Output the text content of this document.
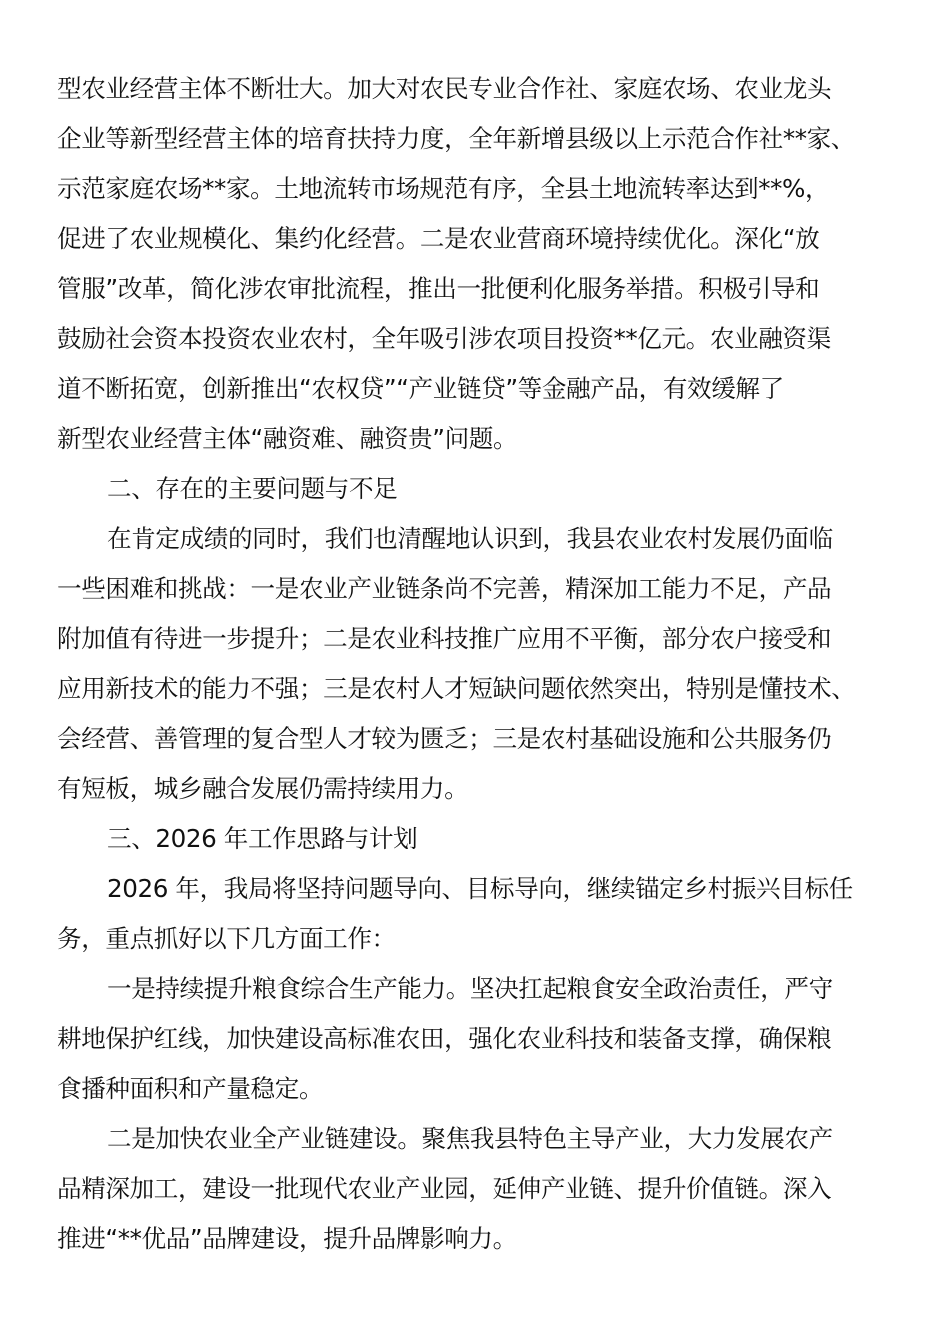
型农业经营主体不断壮大。加大对农民专业合作社、家庭农场、农业龙头
企业等新型经营主体的培育扶持力度，全年新增县级以上示范合作社**家、
示范家庭农场**家。土地流转市场规范有序，全县土地流转率达到**%，
促进了农业规模化、集约化经营。二是农业营商环境持续优化。深化“放
管服”改革，简化涉农审批流程，推出一批便利化服务举措。积极引导和
鼓励社会资本投资农业农村，全年吸引涉农项目投资**亿元。农业融资渠
道不断拓宽，创新推出“农权贷”“产业链贷”等金融产品，有效缓解了
新型农业经营主体“融资难、融资贵”问题。
二、存在的主要问题与不足
在肯定成绩的同时，我们也清醒地认识到，我县农业农村发展仍面临
一些困难和挑战：一是农业产业链条尚不完善，精深加工能力不足，产品
附加值有待进一步提升；二是农业科技推广应用不平衡，部分农户接受和
应用新技术的能力不强；三是农村人才短缺问题依然突出，特别是懂技术、
会经营、善管理的复合型人才较为匮乏；三是农村基础设施和公共服务仍
有短板，城乡融合发展仍需持续用力。
三、2026 年工作思路与计划
2026 年，我局将坚持问题导向、目标导向，继续锚定乡村振兴目标任
务，重点抓好以下几方面工作：
一是持续提升粮食综合生产能力。坚决扛起粮食安全政治责任，严守
耕地保护红线，加快建设高标准农田，强化农业科技和装备支撑，确保粮
食播种面积和产量稳定。
二是加快农业全产业链建设。聚焦我县特色主导产业，大力发展农产
品精深加工，建设一批现代农业产业园，延伸产业链、提升价值链。深入
推进“**优品”品牌建设，提升品牌影响力。
